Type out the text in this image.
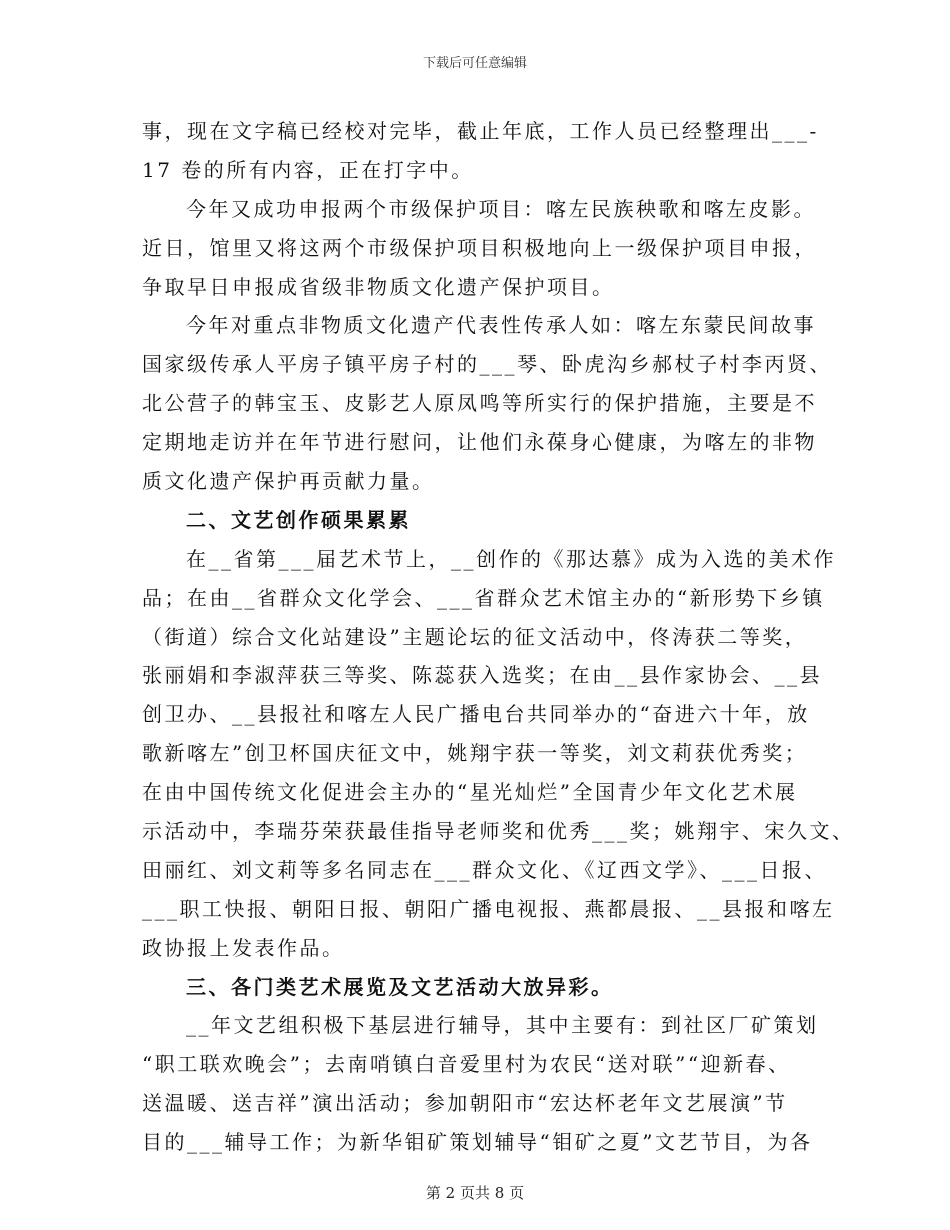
下载后可任意编辑
事，现在文字稿已经校对完毕，截止年底，工作人员已经整理出___-
17 卷的所有内容，正在打字中。
今年又成功申报两个市级保护项目：喀左民族秧歌和喀左皮影。
近日，馆里又将这两个市级保护项目积极地向上一级保护项目申报，
争取早日申报成省级非物质文化遗产保护项目。
今年对重点非物质文化遗产代表性传承人如：喀左东蒙民间故事
国家级传承人平房子镇平房子村的___琴、卧虎沟乡郝杖子村李丙贤、
北公营子的韩宝玉、皮影艺人原凤鸣等所实行的保护措施，主要是不
定期地走访并在年节进行慰问，让他们永葆身心健康，为喀左的非物
质文化遗产保护再贡献力量。
二、文艺创作硕果累累
在__省第___届艺术节上，__创作的《那达慕》成为入选的美术作
品；在由__省群众文化学会、___省群众艺术馆主办的“新形势下乡镇
（街道）综合文化站建设”主题论坛的征文活动中，佟涛获二等奖，
张丽娟和李淑萍获三等奖、陈蕊获入选奖；在由__县作家协会、__县
创卫办、__县报社和喀左人民广播电台共同举办的“奋进六十年，放
歌新喀左”创卫杯国庆征文中，姚翔宇获一等奖，刘文莉获优秀奖；
在由中国传统文化促进会主办的“星光灿烂”全国青少年文化艺术展
示活动中，李瑞芬荣获最佳指导老师奖和优秀___奖；姚翔宇、宋久文、
田丽红、刘文莉等多名同志在___群众文化、《辽西文学》、___日报、
___职工快报、朝阳日报、朝阳广播电视报、燕都晨报、__县报和喀左
政协报上发表作品。
三、各门类艺术展览及文艺活动大放异彩。
__年文艺组积极下基层进行辅导，其中主要有：到社区厂矿策划
“职工联欢晚会”；去南哨镇白音爱里村为农民“送对联”“迎新春、
送温暖、送吉祥”演出活动；参加朝阳市“宏达杯老年文艺展演”节
目的___辅导工作；为新华钼矿策划辅导“钼矿之夏”文艺节目，为各
第 2 页共 8 页
